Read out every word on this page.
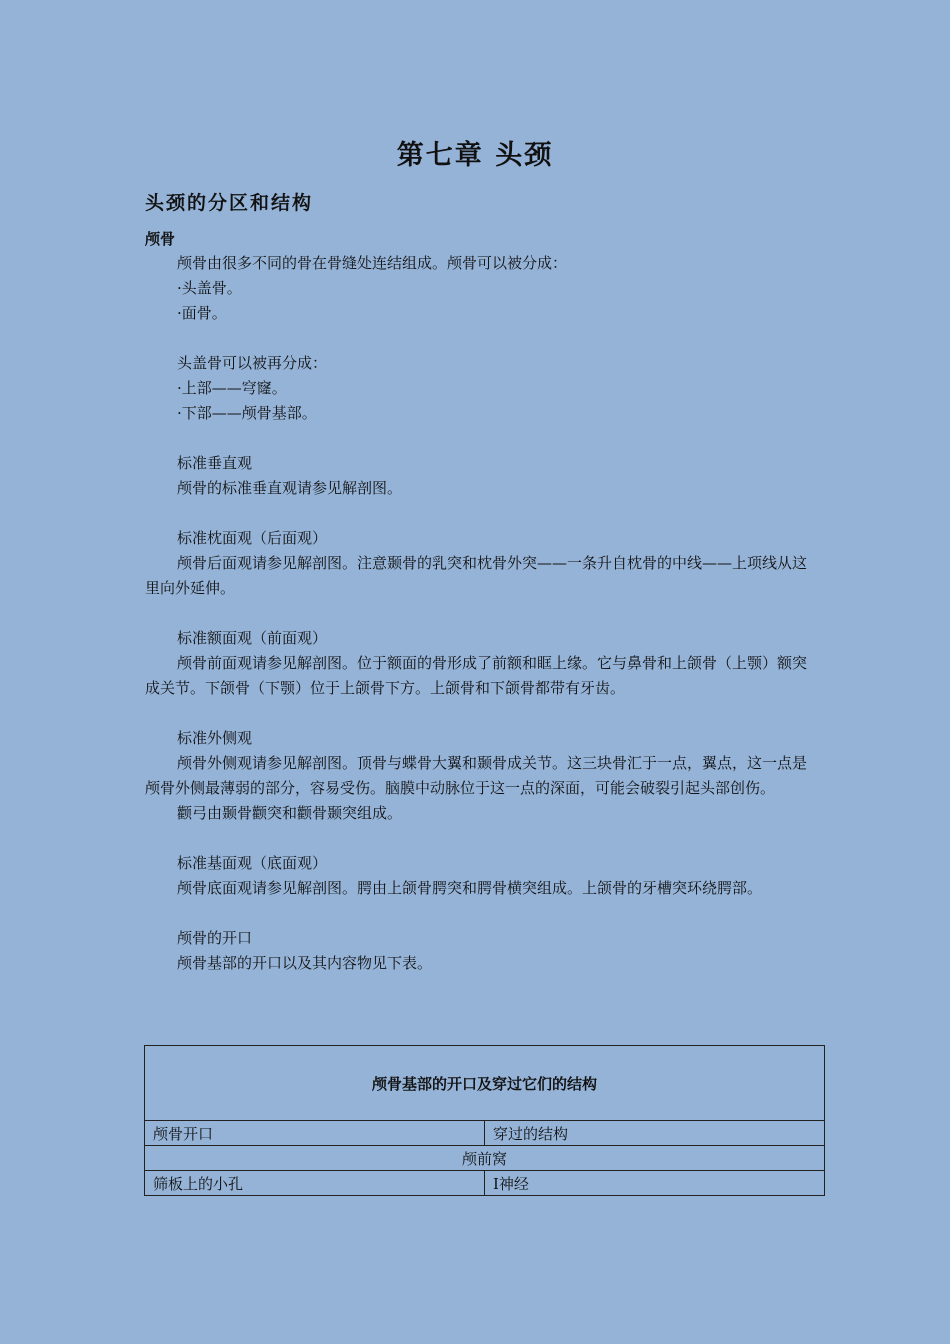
第七章 头颈
头颈的分区和结构
颅骨

颅骨由很多不同的骨在骨缝处连结组成。颅骨可以被分成：

·头盖骨。

·面骨。

头盖骨可以被再分成：

·上部——穹窿。

·下部——颅骨基部。

标准垂直观

颅骨的标准垂直观请参见解剖图。

标准枕面观（后面观）

颅骨后面观请参见解剖图。注意颞骨的乳突和枕骨外突——一条升自枕骨的中线——上项线从这里向外延伸。

标准额面观（前面观）

颅骨前面观请参见解剖图。位于额面的骨形成了前额和眶上缘。它与鼻骨和上颌骨（上颚）额突成关节。下颌骨（下颚）位于上颌骨下方。上颌骨和下颌骨都带有牙齿。

标准外侧观

颅骨外侧观请参见解剖图。顶骨与蝶骨大翼和颞骨成关节。这三块骨汇于一点，翼点，这一点是颅骨外侧最薄弱的部分，容易受伤。脑膜中动脉位于这一点的深面，可能会破裂引起头部创伤。

颧弓由颞骨颧突和颧骨颞突组成。

标准基面观（底面观）

颅骨底面观请参见解剖图。腭由上颌骨腭突和腭骨横突组成。上颌骨的牙槽突环绕腭部。

颅骨的开口

颅骨基部的开口以及其内容物见下表。

颅骨基部的开口及穿过它们的结构	
颅骨开口	穿过的结构
颅前窝	
筛板上的小孔	Ⅰ神经
